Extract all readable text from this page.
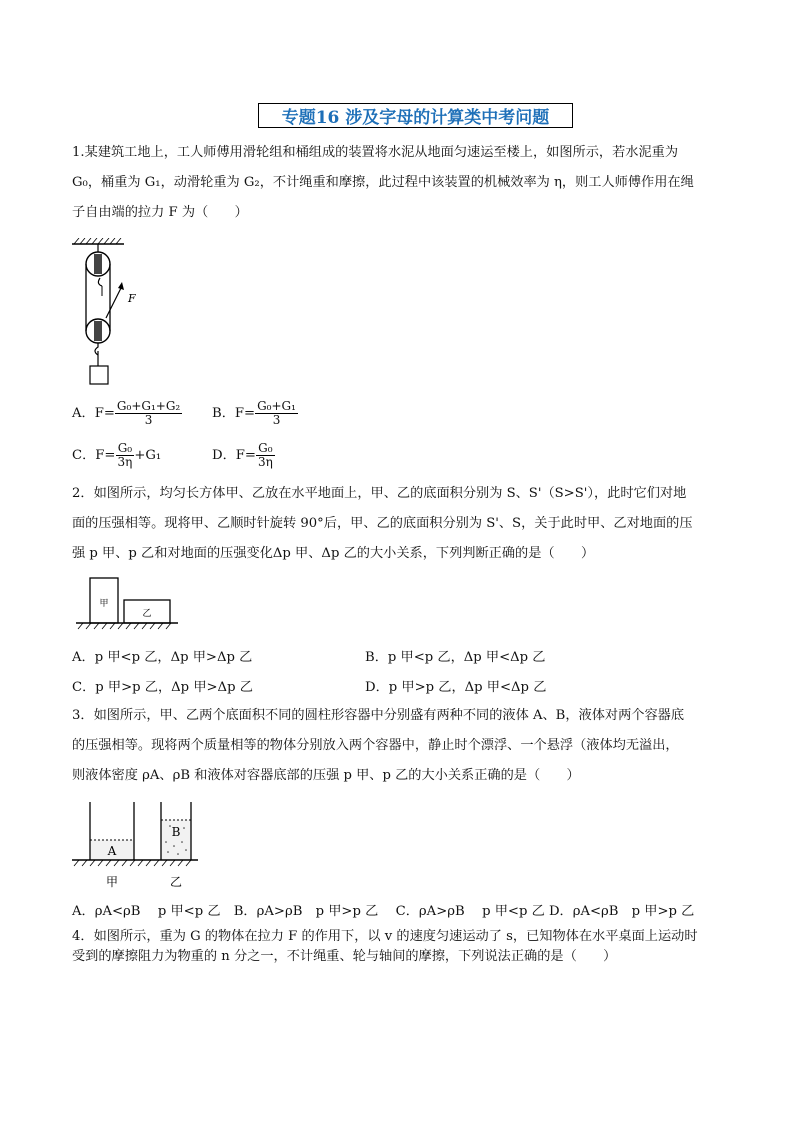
专题16 涉及字母的计算类中考问题
1.某建筑工地上，工人师傅用滑轮组和桶组成的装置将水泥从地面匀速运至楼上，如图所示，若水泥重为
G₀，桶重为 G₁，动滑轮重为 G₂，不计绳重和摩擦，此过程中该装置的机械效率为 η，则工人师傅作用在绳
子自由端的拉力 F 为（　　）
F
A．$F= \frac{\text{G₀+G₁+G₂}}{3}$ B．$F= \frac{\text{G₀+G₁}}{3}$
C．$F= \frac{\text{G₀}}{3\eta} +G_1$	D．$F= \frac{\text{G₀}}{3\eta}$
2．如图所示，均匀长方体甲、乙放在水平地面上，甲、乙的底面积分别为 S、S'（S>S'），此时它们对地
面的压强相等。现将甲、乙顺时针旋转 90°后，甲、乙的底面积分别为 S'、S，关于此时甲、乙对地面的压
强 p 甲、p 乙和对地面的压强变化Δp 甲、Δp 乙的大小关系，下列判断正确的是（　　）
甲
乙
A．p 甲<p 乙，Δp 甲>Δp 乙	B．p 甲<p 乙，Δp 甲<Δp 乙
C．p 甲>p 乙，Δp 甲>Δp 乙	D．p 甲>p 乙，Δp 甲<Δp 乙
3．如图所示，甲、乙两个底面积不同的圆柱形容器中分别盛有两种不同的液体 A、B，液体对两个容器底
的压强相等。现将两个质量相等的物体分别放入两个容器中，静止时个漂浮、一个悬浮（液体均无溢出，
则液体密度 ρA、ρB 和液体对容器底部的压强 p 甲、p 乙的大小关系正确的是（　　）
A
B
甲	乙
A．ρA<ρB　 p 甲<p 乙　B．ρA>ρB　p 甲>p 乙　 C．ρA>ρB　 p 甲<p 乙 D．ρA<ρB　p 甲>p 乙
4．如图所示，重为 G 的物体在拉力 F 的作用下，以 v 的速度匀速运动了 s，已知物体在水平桌面上运动时
受到的摩擦阻力为物重的 n 分之一，不计绳重、轮与轴间的摩擦，下列说法正确的是（　　）
